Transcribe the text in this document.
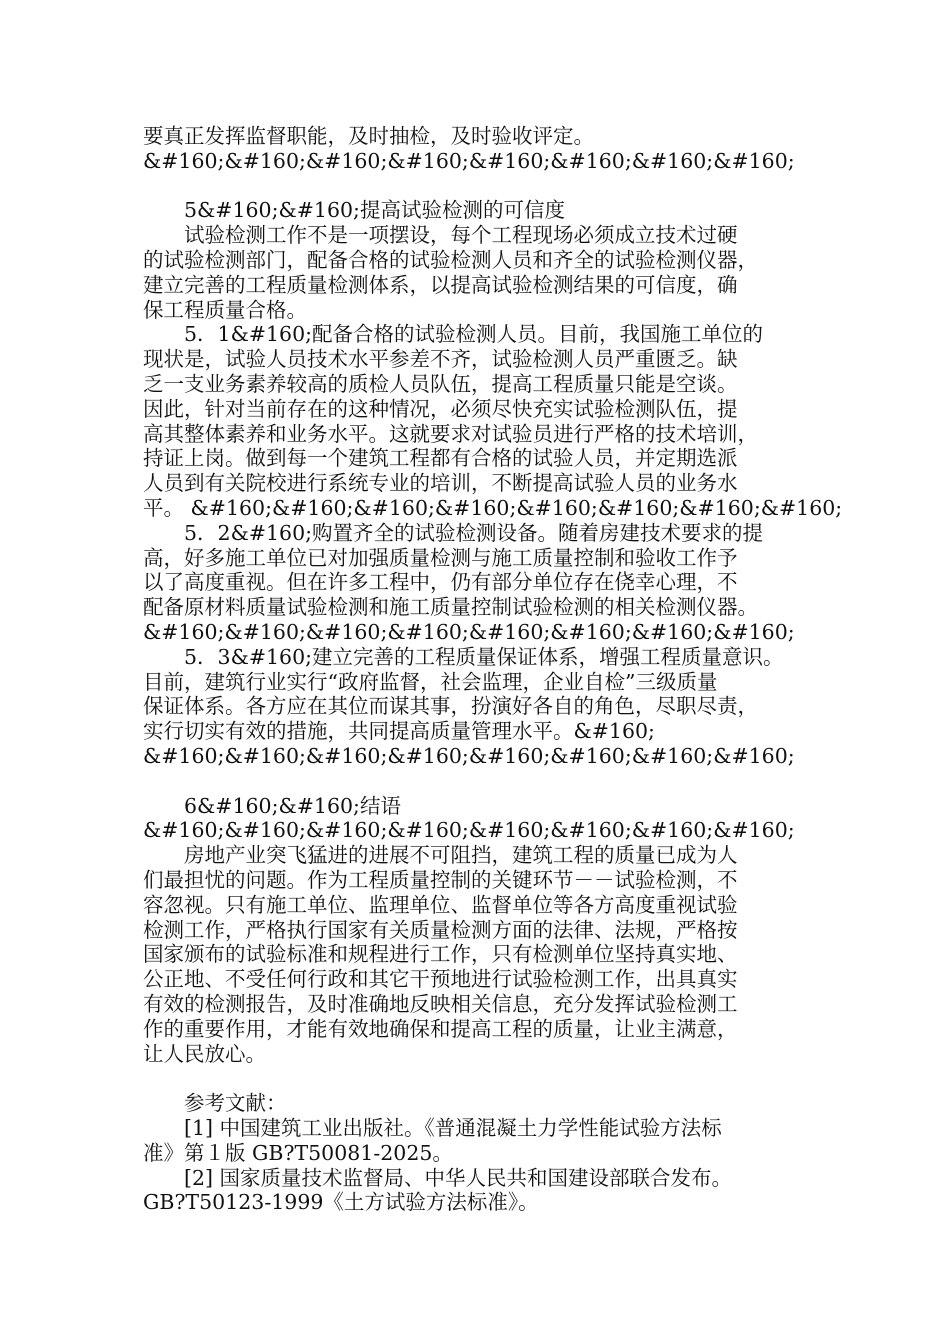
要真正发挥监督职能，及时抽检，及时验收评定。
&#160;&#160;&#160;&#160;&#160;&#160;&#160;&#160;
　　5&#160;&#160;提高试验检测的可信度
　　试验检测工作不是一项摆设，每个工程现场必须成立技术过硬
的试验检测部门，配备合格的试验检测人员和齐全的试验检测仪器，
建立完善的工程质量检测体系，以提高试验检测结果的可信度，确
保工程质量合格。
　　5．1&#160;配备合格的试验检测人员。目前，我国施工单位的
现状是，试验人员技术水平参差不齐，试验检测人员严重匮乏。缺
乏一支业务素养较高的质检人员队伍，提高工程质量只能是空谈。
因此，针对当前存在的这种情况，必须尽快充实试验检测队伍，提
高其整体素养和业务水平。这就要求对试验员进行严格的技术培训，
持证上岗。做到每一个建筑工程都有合格的试验人员，并定期选派
人员到有关院校进行系统专业的培训，不断提高试验人员的业务水
平。 &#160;&#160;&#160;&#160;&#160;&#160;&#160;&#160;
　　5．2&#160;购置齐全的试验检测设备。随着房建技术要求的提
高，好多施工单位已对加强质量检测与施工质量控制和验收工作予
以了高度重视。但在许多工程中，仍有部分单位存在侥幸心理，不
配备原材料质量试验检测和施工质量控制试验检测的相关检测仪器。
&#160;&#160;&#160;&#160;&#160;&#160;&#160;&#160;
　　5．3&#160;建立完善的工程质量保证体系，增强工程质量意识。
目前，建筑行业实行“政府监督，社会监理，企业自检”三级质量
保证体系。各方应在其位而谋其事，扮演好各自的角色，尽职尽责，
实行切实有效的措施，共同提高质量管理水平。&#160;
&#160;&#160;&#160;&#160;&#160;&#160;&#160;&#160;
　　6&#160;&#160;结语
&#160;&#160;&#160;&#160;&#160;&#160;&#160;&#160;
　　房地产业突飞猛进的进展不可阻挡，建筑工程的质量已成为人
们最担忧的问题。作为工程质量控制的关键环节－－试验检测，不
容忽视。只有施工单位、监理单位、监督单位等各方高度重视试验
检测工作，严格执行国家有关质量检测方面的法律、法规，严格按
国家颁布的试验标准和规程进行工作，只有检测单位坚持真实地、
公正地、不受任何行政和其它干预地进行试验检测工作，出具真实
有效的检测报告，及时准确地反映相关信息，充分发挥试验检测工
作的重要作用，才能有效地确保和提高工程的质量，让业主满意，
让人民放心。
　　参考文献：
　　[1] 中国建筑工业出版社。《普通混凝土力学性能试验方法标
准》第１版 GB?T50081-2025。
　　[2] 国家质量技术监督局、中华人民共和国建设部联合发布。
GB?T50123-1999《土方试验方法标准》。
